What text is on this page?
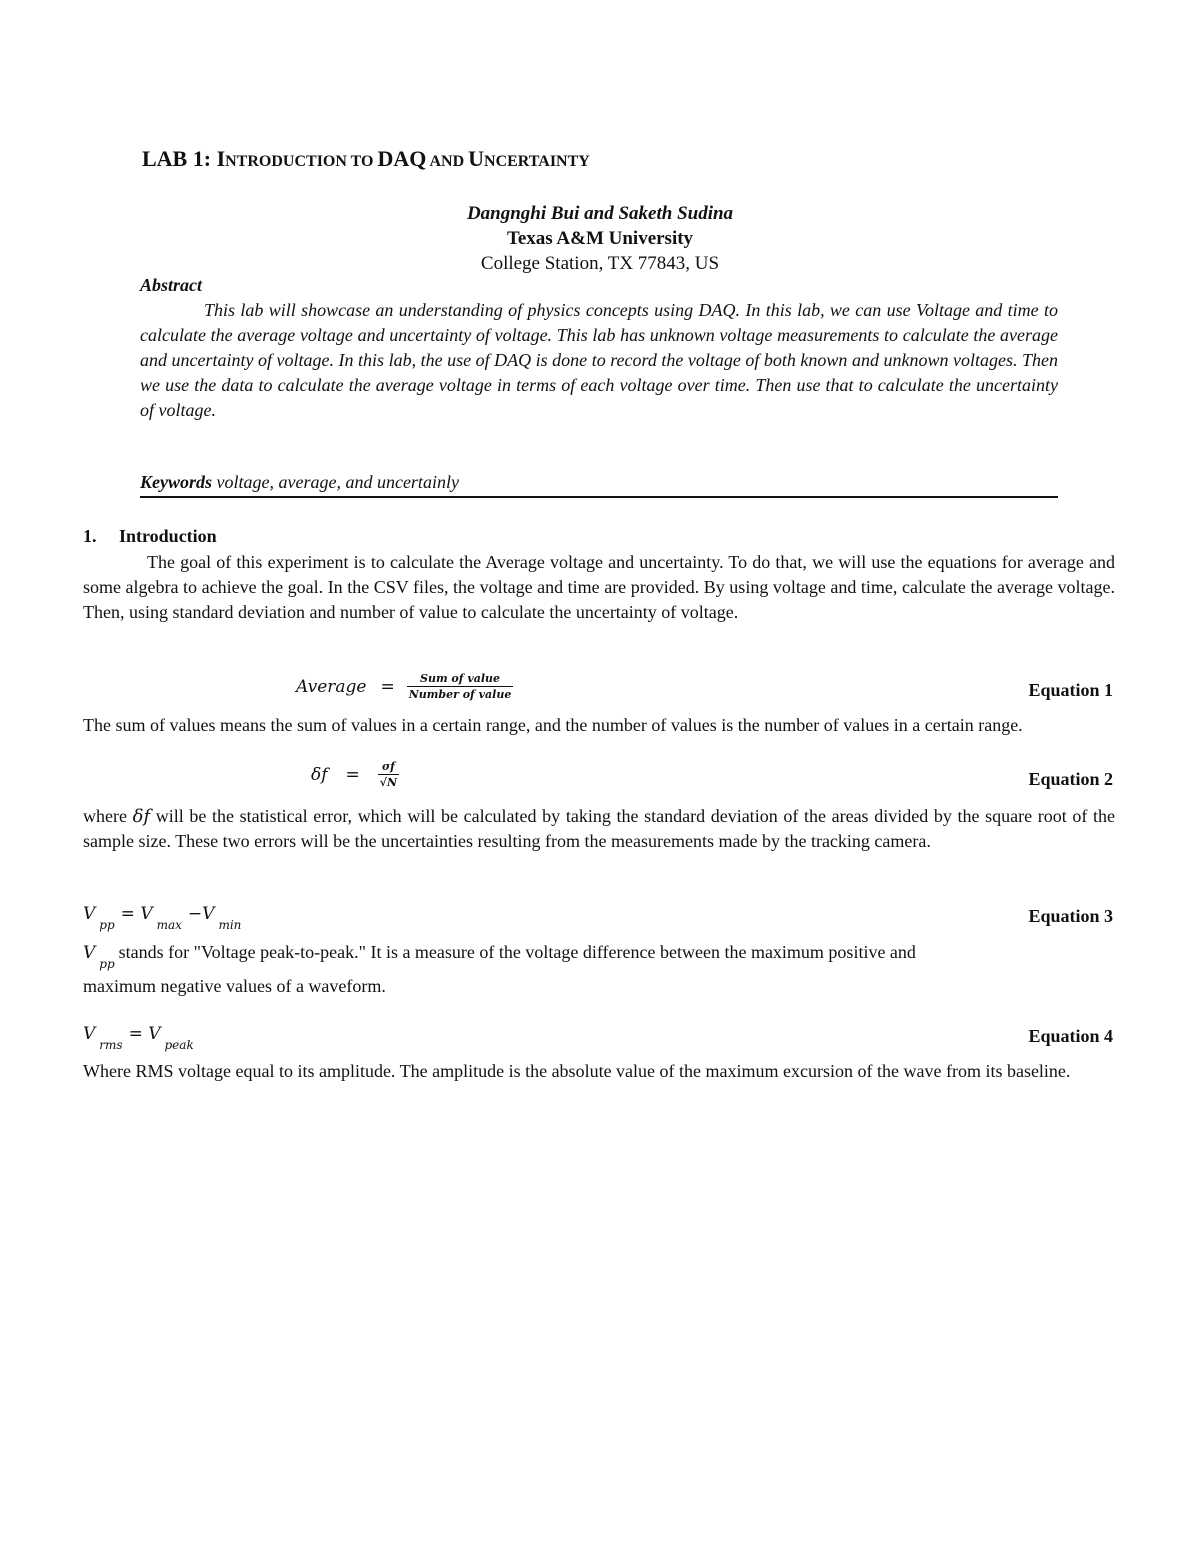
LAB 1: INTRODUCTION TO DAQ AND UNCERTAINTY
Dangnghi Bui and Saketh Sudina
Texas A&M University
College Station, TX 77843, US
Abstract
This lab will showcase an understanding of physics concepts using DAQ. In this lab, we can use Voltage and time to calculate the average voltage and uncertainty of voltage. This lab has unknown voltage measurements to calculate the average and uncertainty of voltage. In this lab, the use of DAQ is done to record the voltage of both known and unknown voltages. Then we use the data to calculate the average voltage in terms of each voltage over time. Then use that to calculate the uncertainty of voltage.
Keywords voltage, average, and uncertainly
1. Introduction
The goal of this experiment is to calculate the Average voltage and uncertainty. To do that, we will use the equations for average and some algebra to achieve the goal. In the CSV files, the voltage and time are provided. By using voltage and time, calculate the average voltage. Then, using standard deviation and number of value to calculate the uncertainty of voltage.
Average = $\frac{\text{Sum of value}}{\text{Number of value}}$	Equation 1
The sum of values means the sum of values in a certain range, and the number of values is the number of values in a certain range.
$\delta f = \frac{\sigma f}{√N}$	Equation 2
where δf will be the statistical error, which will be calculated by taking the standard deviation of the areas divided by the square root of the sample size. These two errors will be the uncertainties resulting from the measurements made by the tracking camera.
$V_{pp}= V_{max}-V_{min}$	Equation 3
$V_{pp}stands$ for "Voltage peak-to-peak." It is a measure of the voltage difference between the maximum positive and
maximum negative values of a waveform.
$V_{rms}= V_{peak}$	Equation 4
Where RMS voltage equal to its amplitude. The amplitude is the absolute value of the maximum excursion of the wave from its baseline.
